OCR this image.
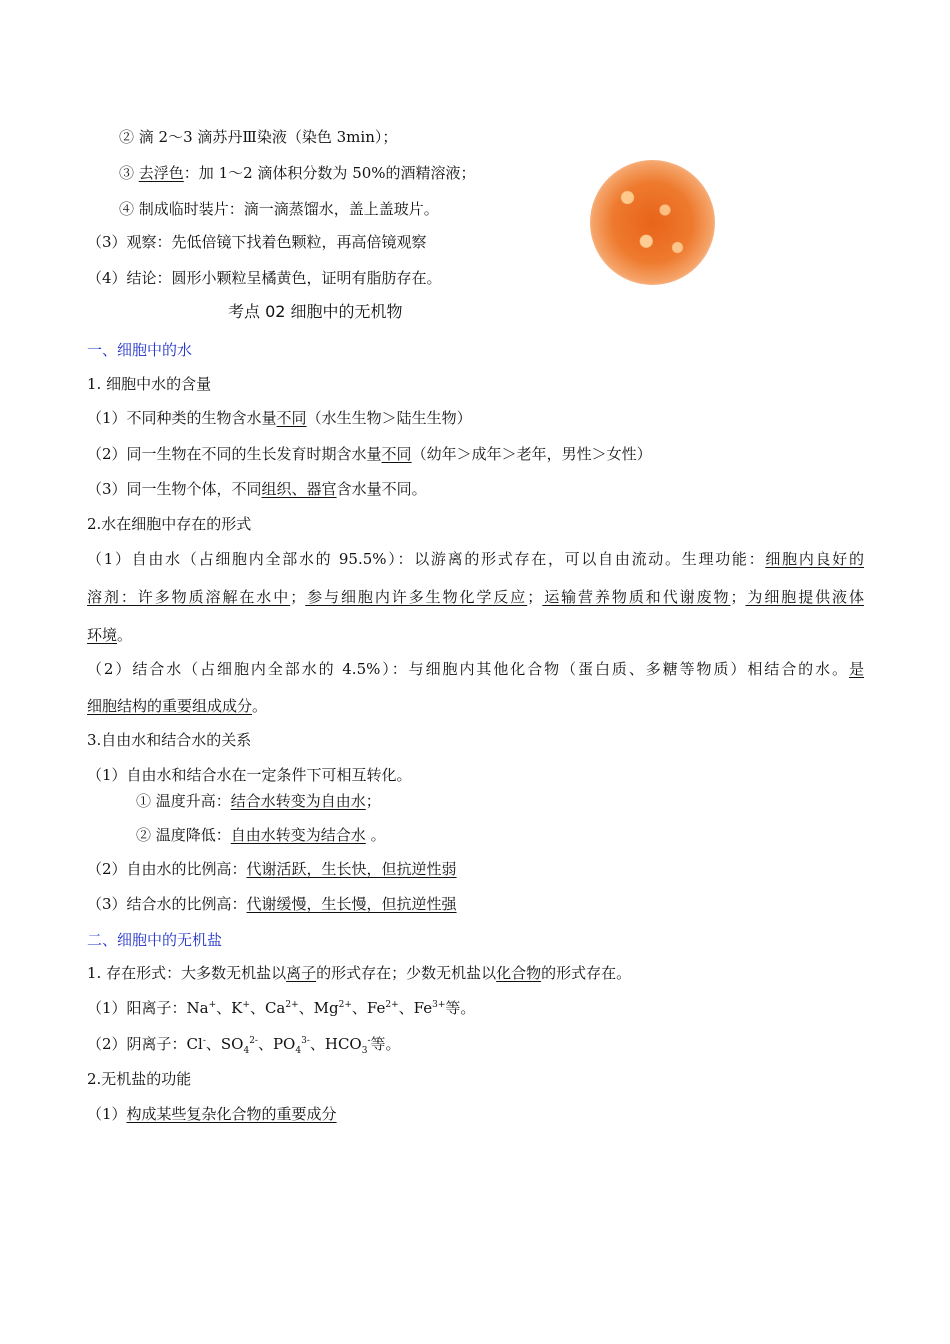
② 滴 2～3 滴苏丹Ⅲ染液（染色 3min）；
③ 去浮色：加 1～2 滴体积分数为 50%的酒精溶液；
④ 制成临时装片：滴一滴蒸馏水，盖上盖玻片。
（3）观察：先低倍镜下找着色颗粒，再高倍镜观察
（4）结论：圆形小颗粒呈橘黄色，证明有脂肪存在。
考点 02 细胞中的无机物
一、细胞中的水
1. 细胞中水的含量
（1）不同种类的生物含水量不同（水生生物＞陆生生物）
（2）同一生物在不同的生长发育时期含水量不同（幼年＞成年＞老年，男性＞女性）
（3）同一生物个体，不同组织、器官含水量不同。
2.水在细胞中存在的形式
（1）自由水（占细胞内全部水的 95.5%）：以游离的形式存在，可以自由流动。生理功能：细胞内良好的
溶剂：许多物质溶解在水中；参与细胞内许多生物化学反应；运输营养物质和代谢废物；为细胞提供液体
环境。
（2）结合水（占细胞内全部水的 4.5%）：与细胞内其他化合物（蛋白质、多糖等物质）相结合的水。是
细胞结构的重要组成成分。
3.自由水和结合水的关系
（1）自由水和结合水在一定条件下可相互转化。
① 温度升高：结合水转变为自由水；
② 温度降低：自由水转变为结合水 。
（2）自由水的比例高：代谢活跃，生长快，但抗逆性弱
（3）结合水的比例高：代谢缓慢，生长慢，但抗逆性强
二、细胞中的无机盐
1. 存在形式：大多数无机盐以离子的形式存在；少数无机盐以化合物的形式存在。
（1）阳离子：Na+、K+、$Ca^{2+}$、$Mg^{2+}$、$Fe^{2+}$、$Fe^{3+}$等。
（2）阴离子：Cl-、$SO_4^{2-}$、$PO_4^{3-}$、$HCO_3^-$等。
2.无机盐的功能
（1）构成某些复杂化合物的重要成分
